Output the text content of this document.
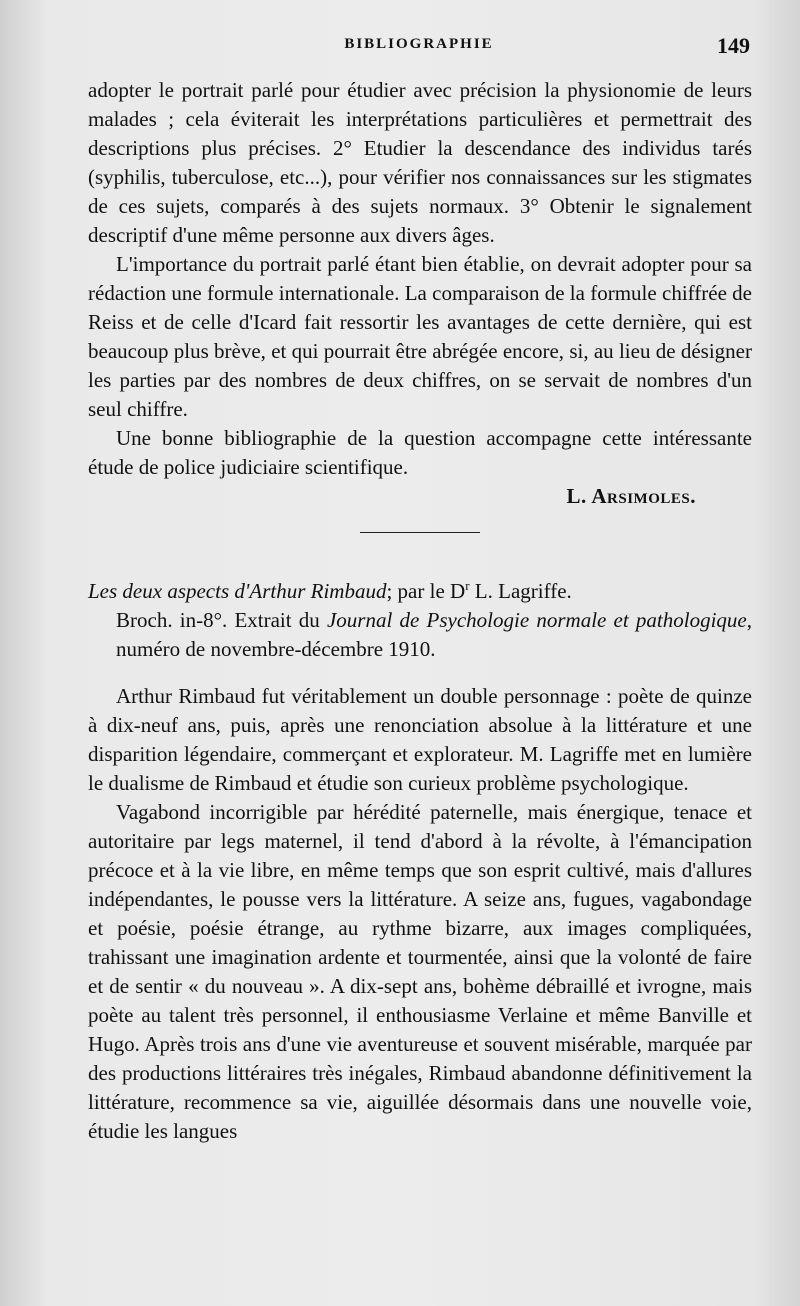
BIBLIOGRAPHIE	149

adopter le portrait parlé pour étudier avec précision la physionomie de leurs malades ; cela éviterait les interprétations particulières et permettrait des descriptions plus précises. 2° Etudier la descendance des individus tarés (syphilis, tuberculose, etc...), pour vérifier nos connaissances sur les stigmates de ces sujets, comparés à des sujets normaux. 3° Obtenir le signalement descriptif d'une même personne aux divers âges.

L'importance du portrait parlé étant bien établie, on devrait adopter pour sa rédaction une formule internationale. La comparaison de la formule chiffrée de Reiss et de celle d'Icard fait ressortir les avantages de cette dernière, qui est beaucoup plus brève, et qui pourrait être abrégée encore, si, au lieu de désigner les parties par des nombres de deux chiffres, on se servait de nombres d'un seul chiffre.

Une bonne bibliographie de la question accompagne cette intéressante étude de police judiciaire scientifique.

L. Arsimoles.

Les deux aspects d'Arthur Rimbaud; par le $D^r$ L. Lagriffe.
Broch. in-8°. Extrait du Journal de Psychologie normale et pathologique, numéro de novembre-décembre 1910.

Arthur Rimbaud fut véritablement un double personnage : poète de quinze à dix-neuf ans, puis, après une renonciation absolue à la littérature et une disparition légendaire, commerçant et explorateur. M. Lagriffe met en lumière le dualisme de Rimbaud et étudie son curieux problème psychologique.

Vagabond incorrigible par hérédité paternelle, mais énergique, tenace et autoritaire par legs maternel, il tend d'abord à la révolte, à l'émancipation précoce et à la vie libre, en même temps que son esprit cultivé, mais d'allures indépendantes, le pousse vers la littérature. A seize ans, fugues, vagabondage et poésie, poésie étrange, au rythme bizarre, aux images compliquées, trahissant une imagination ardente et tourmentée, ainsi que la volonté de faire et de sentir « du nouveau ». A dix-sept ans, bohème débraillé et ivrogne, mais poète au talent très personnel, il enthousiasme Verlaine et même Banville et Hugo. Après trois ans d'une vie aventureuse et souvent misérable, marquée par des productions littéraires très inégales, Rimbaud abandonne définitivement la littérature, recommence sa vie, aiguillée désormais dans une nouvelle voie, étudie les langues
